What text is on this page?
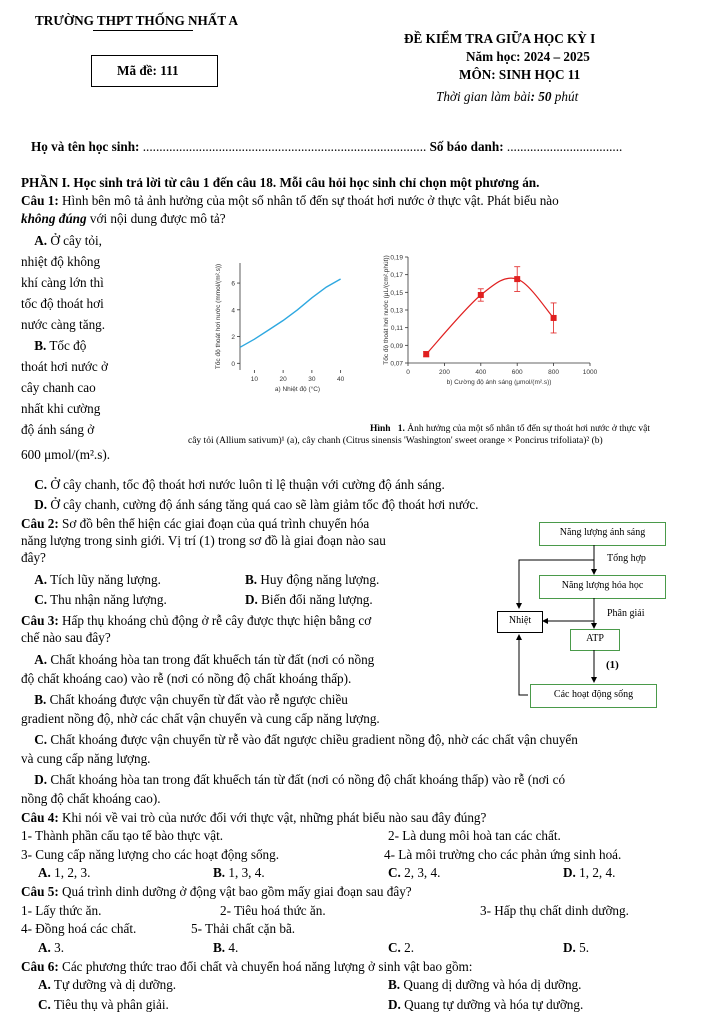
TRƯỜNG THPT THỐNG NHẤT A
Mã đề: 111
ĐỀ KIỂM TRA GIỮA HỌC KỲ I
Năm học: 2024 – 2025
MÔN: SINH HỌC 11
Thời gian làm bài: 50 phút
Họ và tên học sinh: ...................................................................................... Số báo danh: ...................................
PHẦN I. Học sinh trả lời từ câu 1 đến câu 18. Mỗi câu hỏi học sinh chỉ chọn một phương án.
Câu 1: Hình bên mô tả ảnh hưởng của một số nhân tố đến sự thoát hơi nước ở thực vật. Phát biểu nào
không đúng với nội dung được mô tả?
A. Ở cây tỏi,
nhiệt độ không
khí càng lớn thì
tốc độ thoát hơi
nước càng tăng.
B. Tốc độ
thoát hơi nước ở
cây chanh cao
nhất khi cường
độ ánh sáng ở
600 μmol/(m².s).
0
2
4
6
10	20	30	40
a) Nhiệt độ (°C)
Tốc độ thoát hơi nước (mmol/(m².s))	0,07
0,09
0,11
0,13
0,15
0,17
0,19
0	200	400	600	800	1000
b) Cường độ ánh sáng (μmol/(m².s))
Tốc độ thoát hơi nước (μL/(cm².phút))
Hình 1. Ảnh hưởng của một số nhân tố đến sự thoát hơi nước ở thực vật
cây tỏi (Allium sativum)¹ (a), cây chanh (Citrus sinensis 'Washington' sweet orange × Poncirus trifoliata)² (b)
C. Ở cây chanh, tốc độ thoát hơi nước luôn tỉ lệ thuận với cường độ ánh sáng.
D. Ở cây chanh, cường độ ánh sáng tăng quá cao sẽ làm giảm tốc độ thoát hơi nước.
Câu 2: Sơ đồ bên thể hiện các giai đoạn của quá trình chuyển hóa
năng lượng trong sinh giới. Vị trí (1) trong sơ đồ là giai đoạn nào sau
đây?
A. Tích lũy năng lượng.	B. Huy động năng lượng.
C. Thu nhận năng lượng.	D. Biến đổi năng lượng.
Năng lượng ánh sáng
Tổng hợp
Năng lượng hóa học
Phân giải
Nhiệt
ATP
(1)
Các hoạt động sống
Câu 3: Hấp thụ khoáng chủ động ở rễ cây được thực hiện bằng cơ
chế nào sau đây?
A. Chất khoáng hòa tan trong đất khuếch tán từ đất (nơi có nồng
độ chất khoáng cao) vào rễ (nơi có nồng độ chất khoáng thấp).
B. Chất khoáng được vận chuyển từ đất vào rễ ngược chiều
gradient nồng độ, nhờ các chất vận chuyển và cung cấp năng lượng.
C. Chất khoáng được vận chuyển từ rễ vào đất ngược chiều gradient nồng độ, nhờ các chất vận chuyển
và cung cấp năng lượng.
D. Chất khoáng hòa tan trong đất khuếch tán từ đất (nơi có nồng độ chất khoáng thấp) vào rễ (nơi có
nồng độ chất khoáng cao).
Câu 4: Khi nói về vai trò của nước đối với thực vật, những phát biểu nào sau đây đúng?
1- Thành phần cấu tạo tế bào thực vật.	2- Là dung môi hoà tan các chất.
3- Cung cấp năng lượng cho các hoạt động sống.	4- Là môi trường cho các phản ứng sinh hoá.
A. 1, 2, 3.	B. 1, 3, 4.	C. 2, 3, 4.	D. 1, 2, 4.
Câu 5: Quá trình dinh dưỡng ở động vật bao gồm mấy giai đoạn sau đây?
1- Lấy thức ăn.	2- Tiêu hoá thức ăn.	3- Hấp thụ chất dinh dưỡng.
4- Đồng hoá các chất.	5- Thải chất cặn bã.
A. 3.	B. 4.	C. 2.	D. 5.
Câu 6: Các phương thức trao đổi chất và chuyển hoá năng lượng ở sinh vật bao gồm:
A. Tự dưỡng và dị dưỡng.	B. Quang dị dưỡng và hóa dị dưỡng.
C. Tiêu thụ và phân giải.	D. Quang tự dưỡng và hóa tự dưỡng.
